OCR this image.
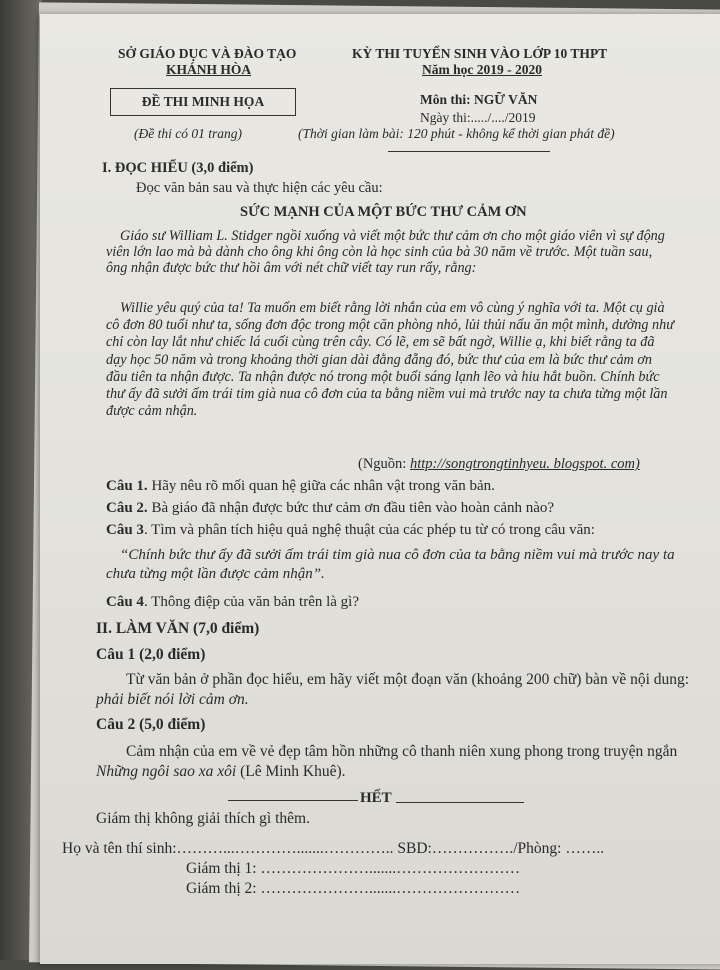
SỞ GIÁO DỤC VÀ ĐÀO TẠO
KHÁNH HÒA
KỲ THI TUYỂN SINH VÀO LỚP 10 THPT
Năm học 2019 - 2020
ĐỀ THI MINH HỌA	Môn thi: NGỮ VĂN
Ngày thi:...../..../2019
(Đề thi có 01 trang)	(Thời gian làm bài: 120 phút - không kể thời gian phát đề)
I. ĐỌC HIỂU (3,0 điểm)
Đọc văn bản sau và thực hiện các yêu cầu:
SỨC MẠNH CỦA MỘT BỨC THƯ CẢM ƠN
Giáo sư William L. Stidger ngồi xuống và viết một bức thư cảm ơn cho một giáo viên vì sự động viên lớn lao mà bà dành cho ông khi ông còn là học sinh của bà 30 năm về trước. Một tuần sau, ông nhận được bức thư hồi âm với nét chữ viết tay run rẩy, rằng:
Willie yêu quý của ta! Ta muốn em biết rằng lời nhắn của em vô cùng ý nghĩa với ta. Một cụ già cô đơn 80 tuổi như ta, sống đơn độc trong một căn phòng nhỏ, lủi thủi nấu ăn một mình, dường như chỉ còn lay lắt như chiếc lá cuối cùng trên cây. Có lẽ, em sẽ bất ngờ, Willie ạ, khi biết rằng ta đã dạy học 50 năm và trong khoảng thời gian dài đằng đẵng đó, bức thư của em là bức thư cảm ơn đầu tiên ta nhận được. Ta nhận được nó trong một buổi sáng lạnh lẽo và hiu hắt buồn. Chính bức thư ấy đã sưởi ấm trái tim già nua cô đơn của ta bằng niềm vui mà trước nay ta chưa từng một lần được cảm nhận.
(Nguồn: http://songtrongtinhyeu. blogspot. com)
Câu 1. Hãy nêu rõ mối quan hệ giữa các nhân vật trong văn bản.
Câu 2. Bà giáo đã nhận được bức thư cảm ơn đầu tiên vào hoàn cảnh nào?
Câu 3. Tìm và phân tích hiệu quả nghệ thuật của các phép tu từ có trong câu văn:
“Chính bức thư ấy đã sưởi ấm trái tim già nua cô đơn của ta bằng niềm vui mà trước nay ta chưa từng một lần được cảm nhận”.
Câu 4. Thông điệp của văn bản trên là gì?
II. LÀM VĂN (7,0 điểm)
Câu 1 (2,0 điểm)
Từ văn bản ở phần đọc hiểu, em hãy viết một đoạn văn (khoảng 200 chữ) bàn về nội dung: phải biết nói lời cảm ơn.
Câu 2 (5,0 điểm)
Cảm nhận của em về vẻ đẹp tâm hồn những cô thanh niên xung phong trong truyện ngắn Những ngôi sao xa xôi (Lê Minh Khuê).
HẾT
Giám thị không giải thích gì thêm.
Họ và tên thí sinh:………...………….......………….. SBD:……………./Phòng: ……..
Giám thị 1: ………………….......……………………
Giám thị 2: ………………….......……………………
